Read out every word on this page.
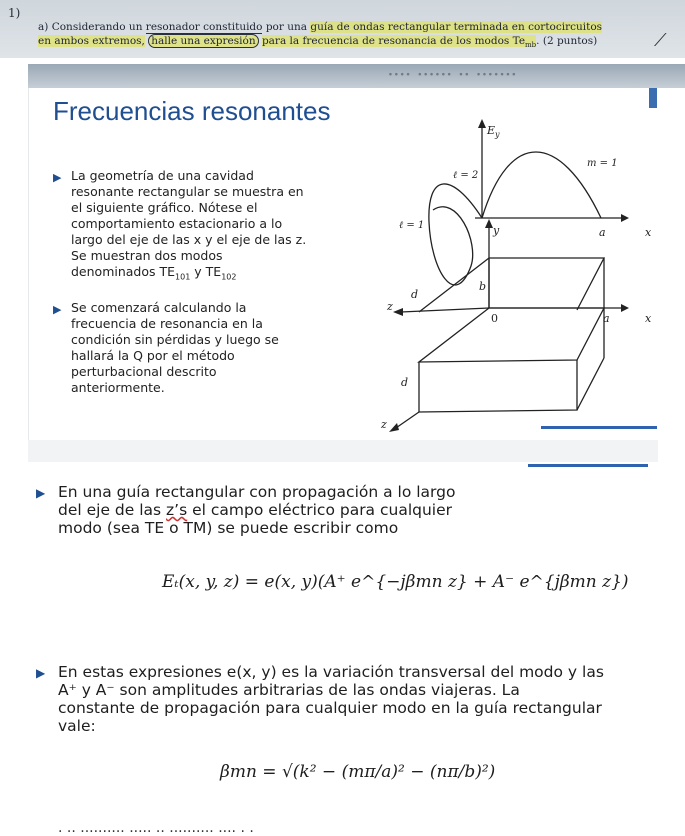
1)
a) Considerando un resonador constituido por una guía de ondas rectangular terminada en cortocircuitos
en ambos extremos, halle una expresión para la frecuencia de resonancia de los modos $Te_{mb}$. (2 puntos)	⟋
···· ······ ·· ·······
Frecuencias resonantes
▶ La geometría de una cavidad resonante rectangular se muestra en el siguiente gráfico. Nótese el comportamiento estacionario a lo largo del eje de las x y el eje de las z. Se muestran dos modos denominados $TE_{101}$ y $TE_{102}$
▶ Se comenzará calculando la frecuencia de resonancia en la condición sin pérdidas y luego se hallará la Q por el método perturbacional descrito anteriormente.
$E_y$
m = 1
ℓ = 2
ℓ = 1
a	x
y
d
b
0	a	x
z
d
z
▶ En una guía rectangular con propagación a lo largo
del eje de las z’s el campo eléctrico para cualquier
modo (sea TE o TM) se puede escribir como
Eₜ(x, y, z) = e(x, y)(A⁺ e^{−jβmn z} + A⁻ e^{jβmn z})
▶ En estas expresiones e(x, y) es la variación transversal del modo y las
A⁺ y A⁻ son amplitudes arbitrarias de las ondas viajeras. La
constante de propagación para cualquier modo en la guía rectangular
vale:
βmn = √(k² − (mπ/a)² − (nπ/b)²)
· ·· ·········· ····· ·· ·········· ···· · ·
